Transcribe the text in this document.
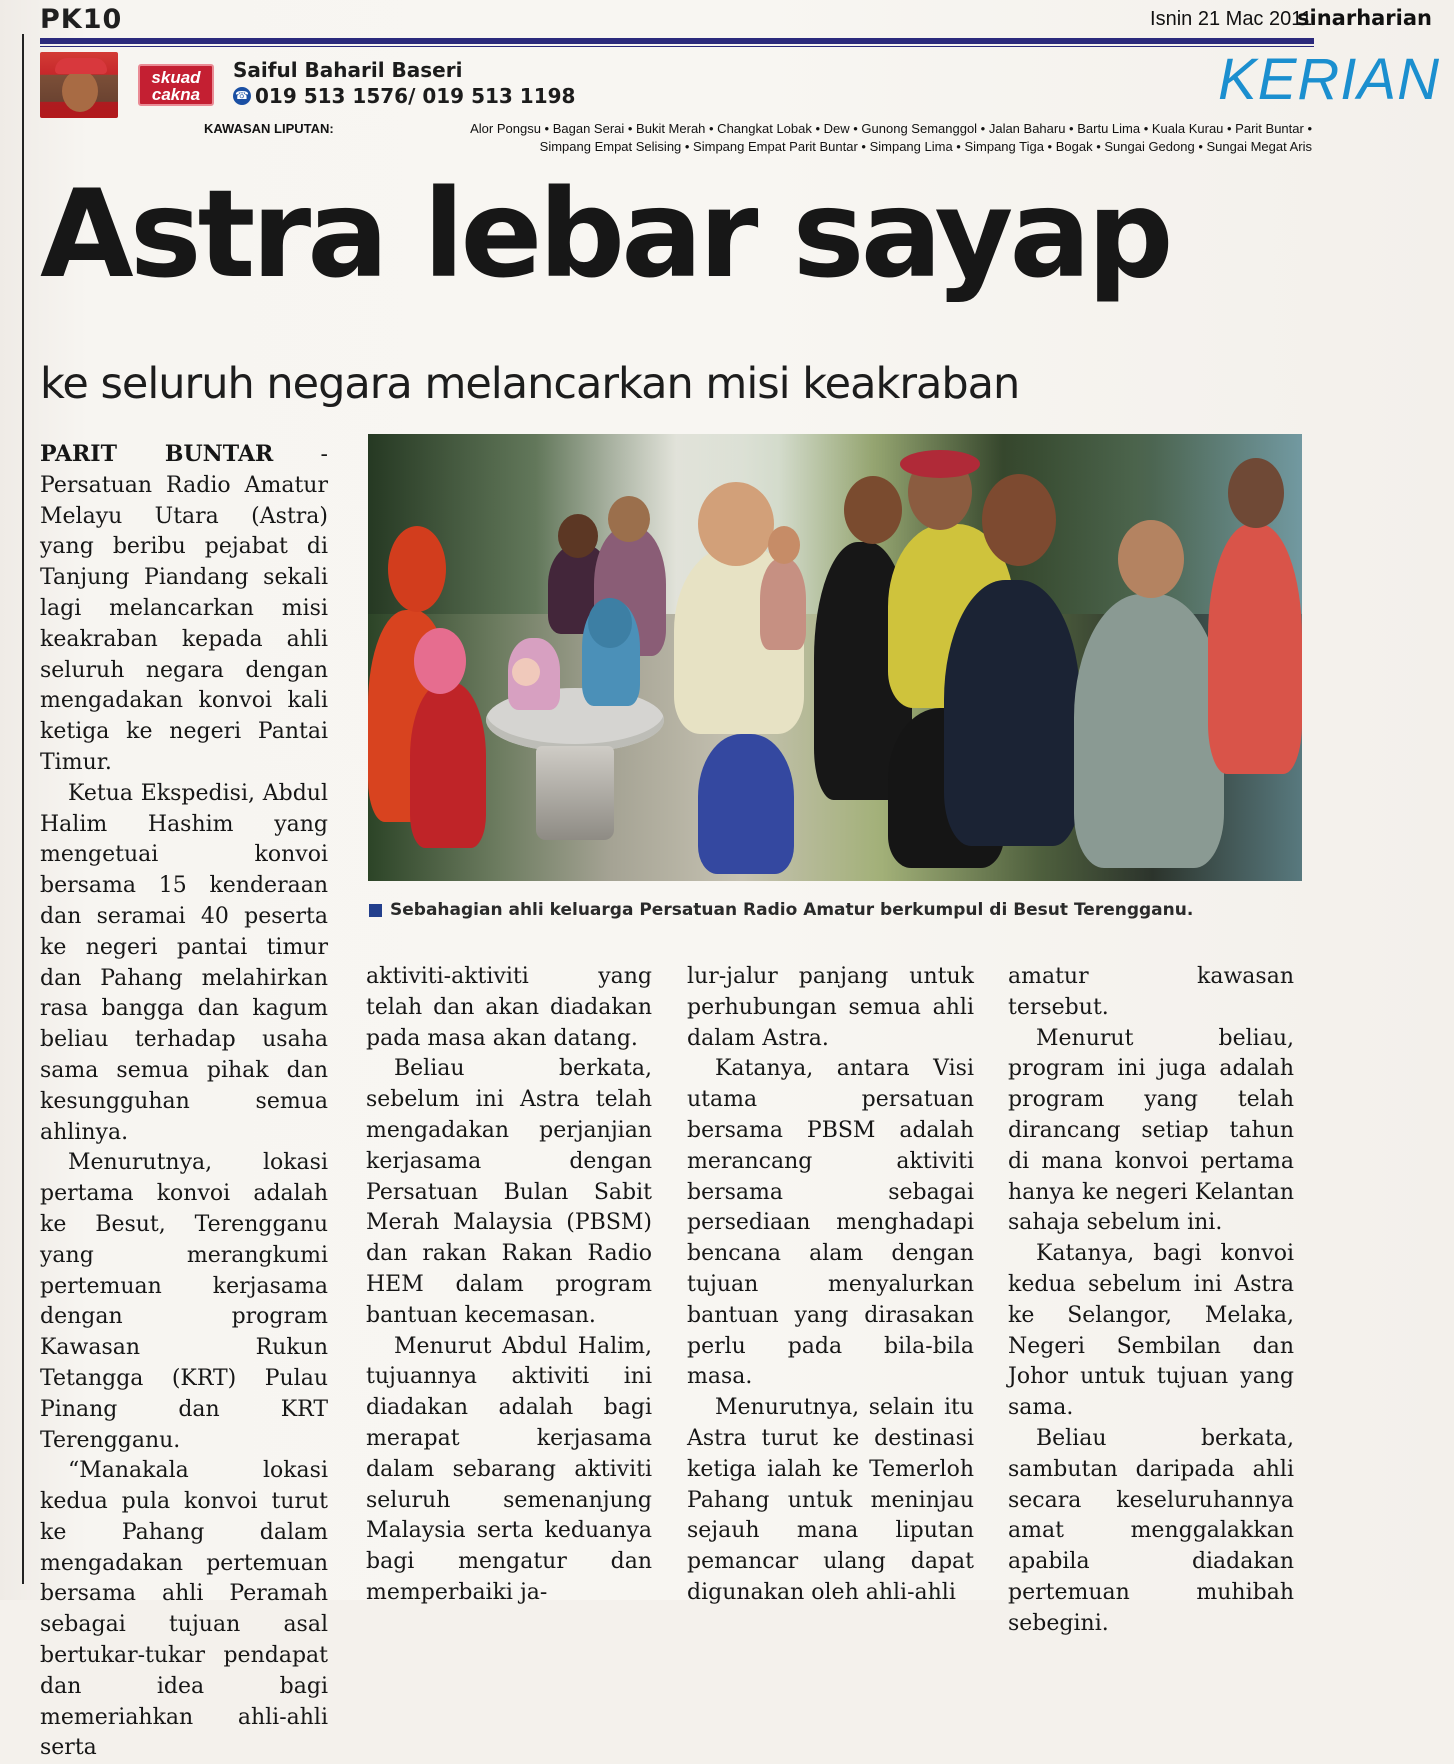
PK10	Isnin 21 Mac 2011
sinarharian
skuad
cakna
Saiful Baharil Baseri
☎ 019 513 1576/ 019 513 1198	KERIAN
KAWASAN LIPUTAN:	Alor Pongsu • Bagan Serai • Bukit Merah • Changkat Lobak • Dew • Gunong Semanggol • Jalan Baharu • Bartu Lima • Kuala Kurau • Parit Buntar •
Simpang Empat Selising • Simpang Empat Parit Buntar • Simpang Lima • Simpang Tiga • Bogak • Sungai Gedong • Sungai Megat Aris
Astra lebar sayap
ke seluruh negara melancarkan misi keakraban
Sebahagian ahli keluarga Persatuan Radio Amatur berkumpul di Besut Terengganu.

PARIT BUNTAR - Persatuan Radio Amatur Melayu Utara (Astra) yang beribu pejabat di Tanjung Piandang sekali lagi melancarkan misi keakraban kepada ahli seluruh negara dengan mengadakan konvoi kali ketiga ke negeri Pantai Timur.

Ketua Ekspedisi, Abdul Halim Hashim yang mengetuai konvoi bersama 15 kenderaan dan seramai 40 peserta ke negeri pantai timur dan Pahang melahirkan rasa bangga dan kagum beliau terhadap usaha sama semua pihak dan kesungguhan semua ahlinya.

Menurutnya, lokasi pertama konvoi adalah ke Besut, Terengganu yang merangkumi pertemuan kerjasama dengan program Kawasan Rukun Tetangga (KRT) Pulau Pinang dan KRT Terengganu.

“Manakala lokasi kedua pula konvoi turut ke Pahang dalam mengadakan pertemuan bersama ahli Peramah sebagai tujuan asal bertukar-tukar pendapat dan idea bagi memeriahkan ahli-ahli serta

aktiviti-aktiviti yang telah dan akan diadakan pada masa akan datang.

Beliau berkata, sebelum ini Astra telah mengadakan perjanjian kerjasama dengan Persatuan Bulan Sabit Merah Malaysia (PBSM) dan rakan Rakan Radio HEM dalam program bantuan kecemasan.

Menurut Abdul Halim, tujuannya aktiviti ini diadakan adalah bagi merapat kerjasama dalam sebarang aktiviti seluruh semenanjung Malaysia serta keduanya bagi mengatur dan memperbaiki ja-

lur-jalur panjang untuk perhubungan semua ahli dalam Astra.

Katanya, antara Visi utama persatuan bersama PBSM adalah merancang aktiviti bersama sebagai persediaan menghadapi bencana alam dengan tujuan menyalurkan bantuan yang dirasakan perlu pada bila-bila masa.

Menurutnya, selain itu Astra turut ke destinasi ketiga ialah ke Temerloh Pahang untuk meninjau sejauh mana liputan pemancar ulang dapat digunakan oleh ahli-ahli

amatur kawasan tersebut.

Menurut beliau, program ini juga adalah program yang telah dirancang setiap tahun di mana konvoi pertama hanya ke negeri Kelantan sahaja sebelum ini.

Katanya, bagi konvoi kedua sebelum ini Astra ke Selangor, Melaka, Negeri Sembilan dan Johor untuk tujuan yang sama.

Beliau berkata, sambutan daripada ahli secara keseluruhannya amat menggalakkan apabila diadakan pertemuan muhibah sebegini.
